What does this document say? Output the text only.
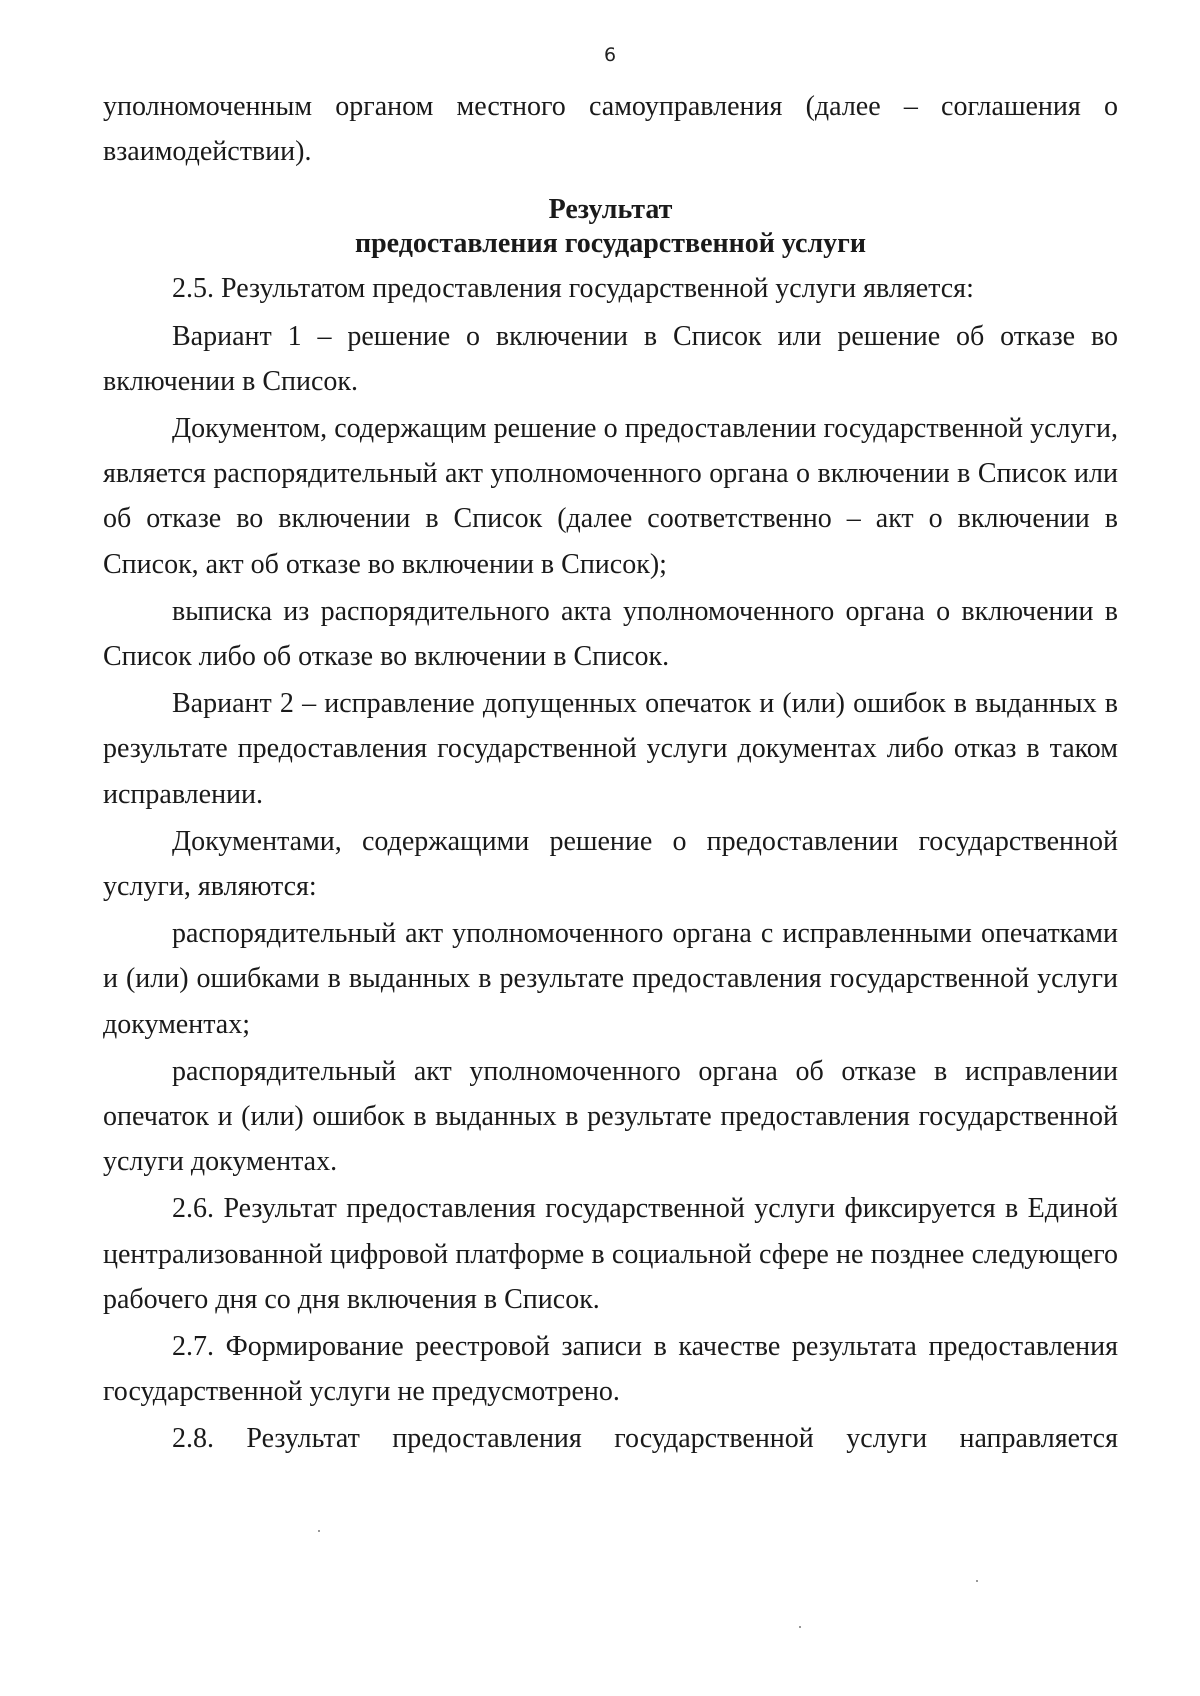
6

уполномоченным органом местного самоуправления (далее – соглашения о взаимодействии).

Результат
предоставления государственной услуги

2.5. Результатом предоставления государственной услуги является:

Вариант 1 – решение о включении в Список или решение об отказе во включении в Список.

Документом, содержащим решение о предоставлении государственной услуги, является распорядительный акт уполномоченного органа о включении в Список или об отказе во включении в Список (далее соответственно – акт о включении в Список, акт об отказе во включении в Список);

выписка из распорядительного акта уполномоченного органа о включении в Список либо об отказе во включении в Список.

Вариант 2 – исправление допущенных опечаток и (или) ошибок в выданных в результате предоставления государственной услуги документах либо отказ в таком исправлении.

Документами, содержащими решение о предоставлении государственной услуги, являются:

распорядительный акт уполномоченного органа с исправленными опечатками и (или) ошибками в выданных в результате предоставления государственной услуги документах;

распорядительный акт уполномоченного органа об отказе в исправлении опечаток и (или) ошибок в выданных в результате предоставления государственной услуги документах.

2.6. Результат предоставления государственной услуги фиксируется в Единой централизованной цифровой платформе в социальной сфере не позднее следующего рабочего дня со дня включения в Список.

2.7. Формирование реестровой записи в качестве результата предоставления государственной услуги не предусмотрено.

2.8. Результат предоставления государственной услуги направляется
